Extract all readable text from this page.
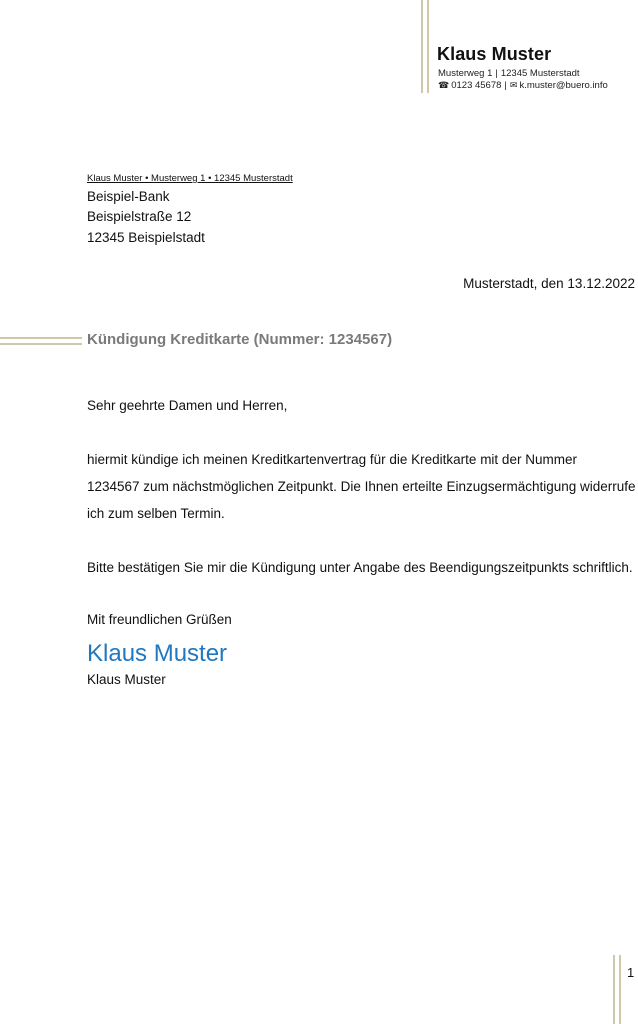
Klaus Muster
Musterweg 1 | 12345 Musterstadt
☎ 0123 45678 | ✉ k.muster@buero.info
Klaus Muster • Musterweg 1 • 12345 Musterstadt
Beispiel-Bank
Beispielstraße 12
12345 Beispielstadt
Musterstadt, den 13.12.2022
Kündigung Kreditkarte (Nummer: 1234567)
Sehr geehrte Damen und Herren,
hiermit kündige ich meinen Kreditkartenvertrag für die Kreditkarte mit der Nummer
1234567 zum nächstmöglichen Zeitpunkt. Die Ihnen erteilte Einzugsermächtigung widerrufe
ich zum selben Termin.
Bitte bestätigen Sie mir die Kündigung unter Angabe des Beendigungszeitpunkts schriftlich.
Mit freundlichen Grüßen
Klaus Muster
Klaus Muster
1
